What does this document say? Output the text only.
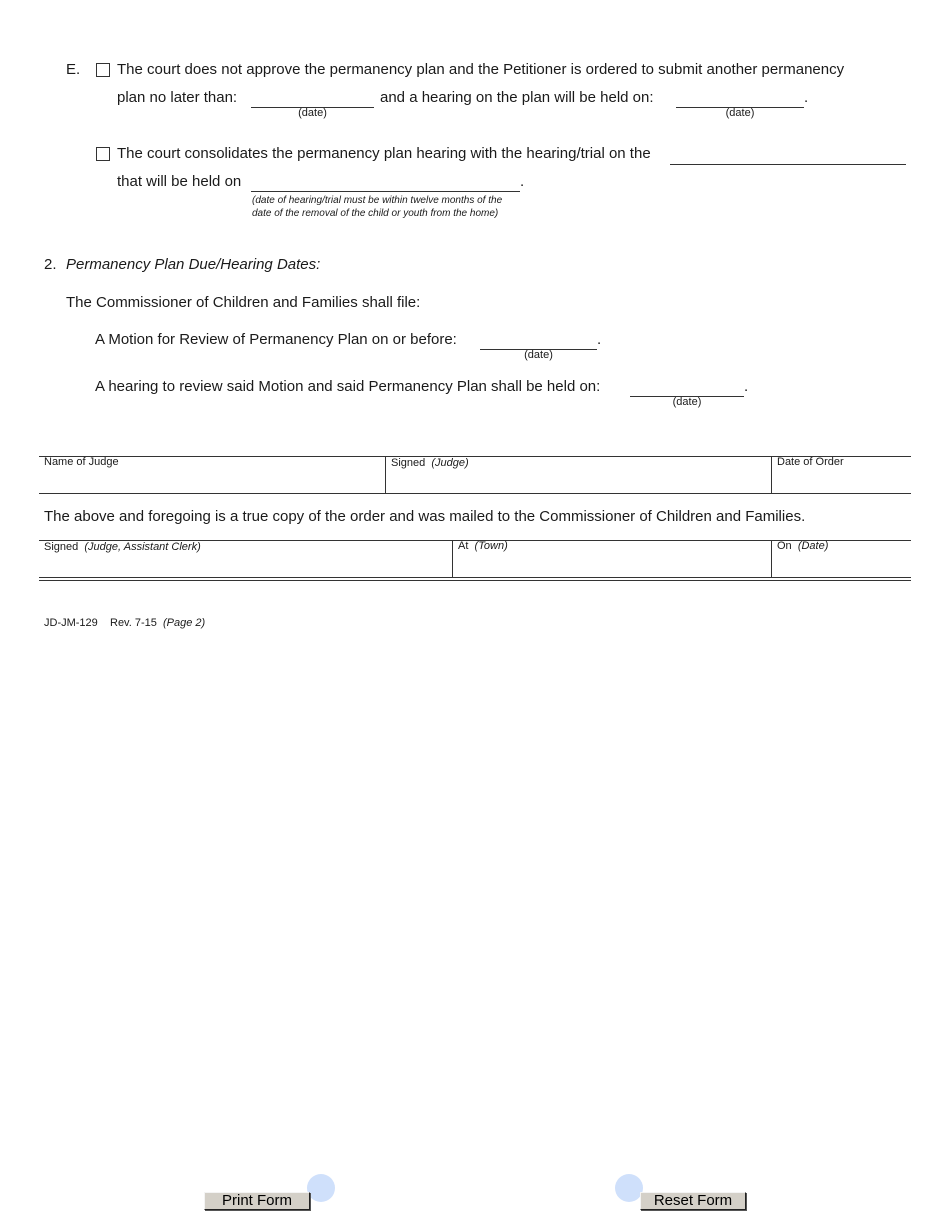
E. The court does not approve the permanency plan and the Petitioner is ordered to submit another permanency
plan no later than:
(date)
and a hearing on the plan will be held on:	.
(date)
The court consolidates the permanency plan hearing with the hearing/trial on the
that will be held on	.
(date of hearing/trial must be within twelve months of the
date of the removal of the child or youth from the home)
2. Permanency Plan Due/Hearing Dates:
The Commissioner of Children and Families shall file:
A Motion for Review of Permanency Plan on or before:	.
(date)
A hearing to review said Motion and said Permanency Plan shall be held on:	.
(date)
Name of Judge	Signed (Judge)	Date of Order
The above and foregoing is a true copy of the order and was mailed to the Commissioner of Children and Families.
Signed (Judge, Assistant Clerk)	At (Town)	On (Date)
JD-JM-129 Rev. 7-15 (Page 2)
Print Form	Reset Form
